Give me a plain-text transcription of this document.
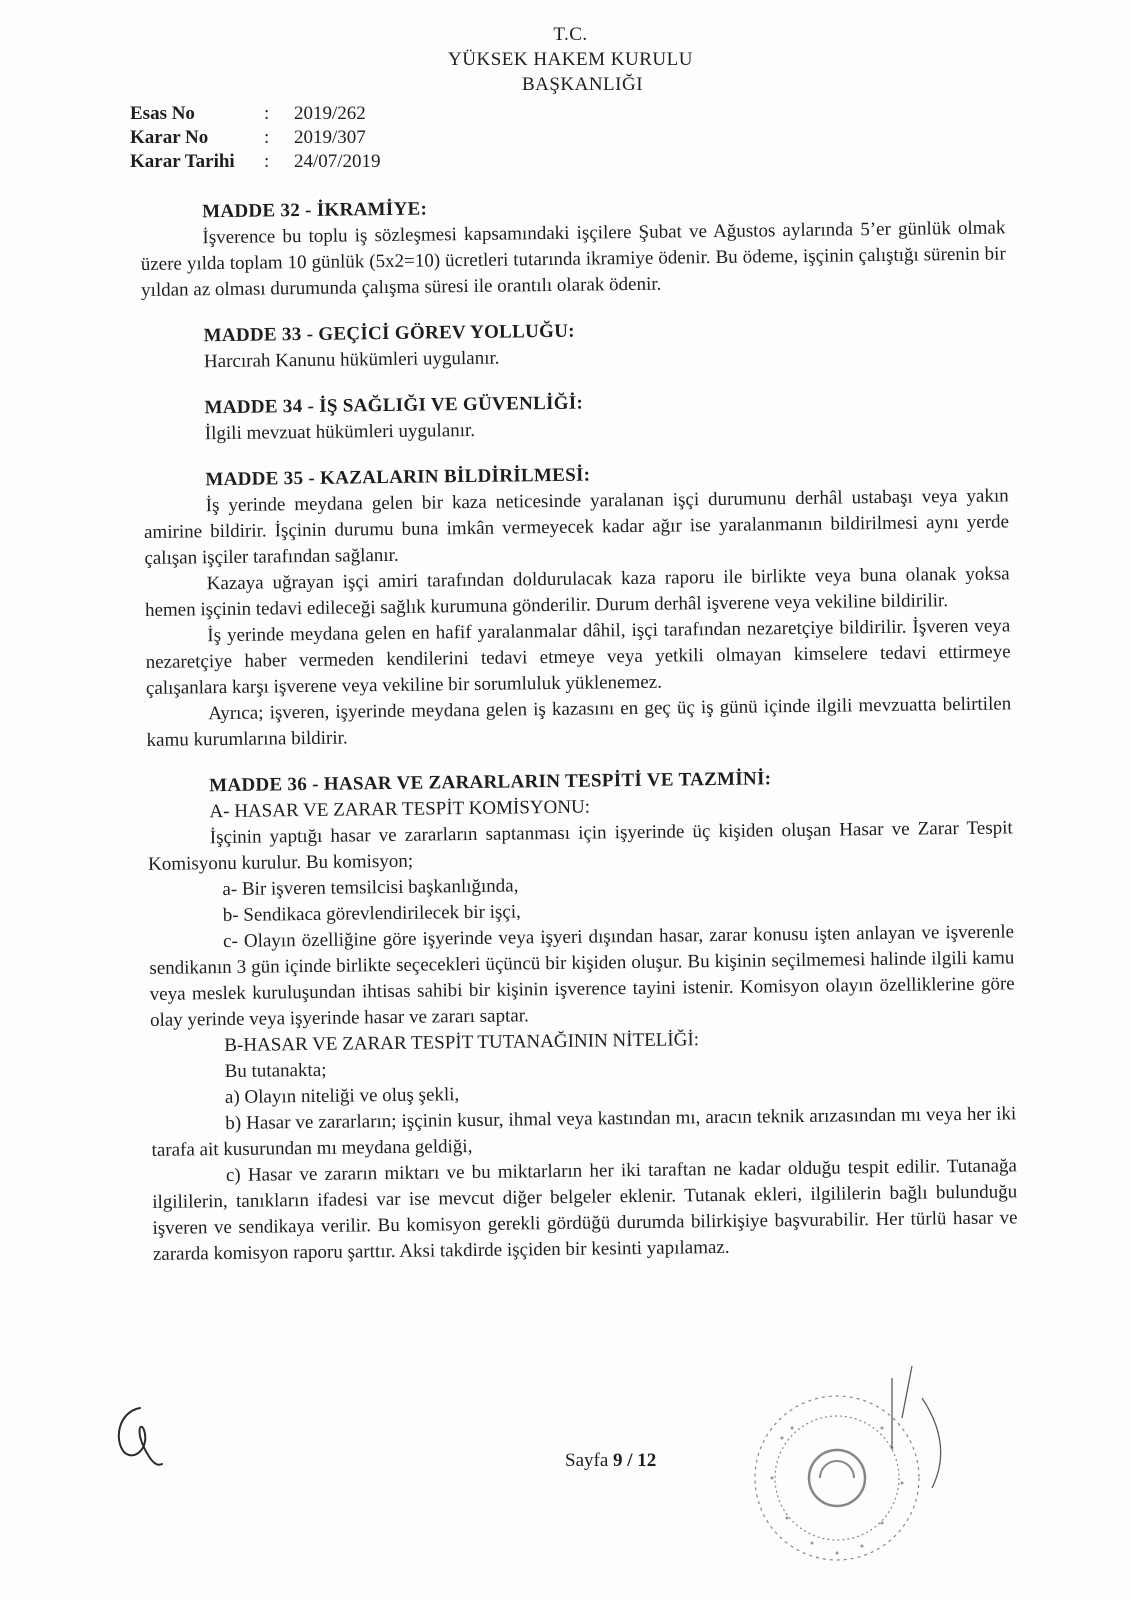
T.C.
YÜKSEK HAKEM KURULU
BAŞKANLIĞI
Esas No	:	2019/262
Karar No	:	2019/307
Karar Tarihi	:	24/07/2019
MADDE 32 - İKRAMİYE:

İşverence bu toplu iş sözleşmesi kapsamındaki işçilere Şubat ve Ağustos aylarında 5’er günlük olmak üzere yılda toplam 10 günlük (5x2=10) ücretleri tutarında ikramiye ödenir. Bu ödeme, işçinin çalıştığı sürenin bir yıldan az olması durumunda çalışma süresi ile orantılı olarak ödenir.

MADDE 33 - GEÇİCİ GÖREV YOLLUĞU:
Harcırah Kanunu hükümleri uygulanır.
MADDE 34 - İŞ SAĞLIĞI VE GÜVENLİĞİ:
İlgili mevzuat hükümleri uygulanır.
MADDE 35 - KAZALARIN BİLDİRİLMESİ:

İş yerinde meydana gelen bir kaza neticesinde yaralanan işçi durumunu derhâl ustabaşı veya yakın amirine bildirir. İşçinin durumu buna imkân vermeyecek kadar ağır ise yaralanmanın bildirilmesi aynı yerde çalışan işçiler tarafından sağlanır.

Kazaya uğrayan işçi amiri tarafından doldurulacak kaza raporu ile birlikte veya buna olanak yoksa hemen işçinin tedavi edileceği sağlık kurumuna gönderilir. Durum derhâl işverene veya vekiline bildirilir.

İş yerinde meydana gelen en hafif yaralanmalar dâhil, işçi tarafından nezaretçiye bildirilir. İşveren veya nezaretçiye haber vermeden kendilerini tedavi etmeye veya yetkili olmayan kimselere tedavi ettirmeye çalışanlara karşı işverene veya vekiline bir sorumluluk yüklenemez.

Ayrıca; işveren, işyerinde meydana gelen iş kazasını en geç üç iş günü içinde ilgili mevzuatta belirtilen kamu kurumlarına bildirir.

MADDE 36 - HASAR VE ZARARLARIN TESPİTİ VE TAZMİNİ:
A- HASAR VE ZARAR TESPİT KOMİSYONU:

İşçinin yaptığı hasar ve zararların saptanması için işyerinde üç kişiden oluşan Hasar ve Zarar Tespit Komisyonu kurulur. Bu komisyon;

a- Bir işveren temsilcisi başkanlığında,
b- Sendikaca görevlendirilecek bir işçi,

c- Olayın özelliğine göre işyerinde veya işyeri dışından hasar, zarar konusu işten anlayan ve işverenle sendikanın 3 gün içinde birlikte seçecekleri üçüncü bir kişiden oluşur. Bu kişinin seçilmemesi halinde ilgili kamu veya meslek kuruluşundan ihtisas sahibi bir kişinin işverence tayini istenir. Komisyon olayın özelliklerine göre olay yerinde veya işyerinde hasar ve zararı saptar.

B-HASAR VE ZARAR TESPİT TUTANAĞININ NİTELİĞİ:
Bu tutanakta;
a) Olayın niteliği ve oluş şekli,

b) Hasar ve zararların; işçinin kusur, ihmal veya kastından mı, aracın teknik arızasından mı veya her iki tarafa ait kusurundan mı meydana geldiği,

c) Hasar ve zararın miktarı ve bu miktarların her iki taraftan ne kadar olduğu tespit edilir. Tutanağa ilgililerin, tanıkların ifadesi var ise mevcut diğer belgeler eklenir. Tutanak ekleri, ilgililerin bağlı bulunduğu işveren ve sendikaya verilir. Bu komisyon gerekli gördüğü durumda bilirkişiye başvurabilir. Her türlü hasar ve zararda komisyon raporu şarttır. Aksi takdirde işçiden bir kesinti yapılamaz.

Sayfa 9 / 12
